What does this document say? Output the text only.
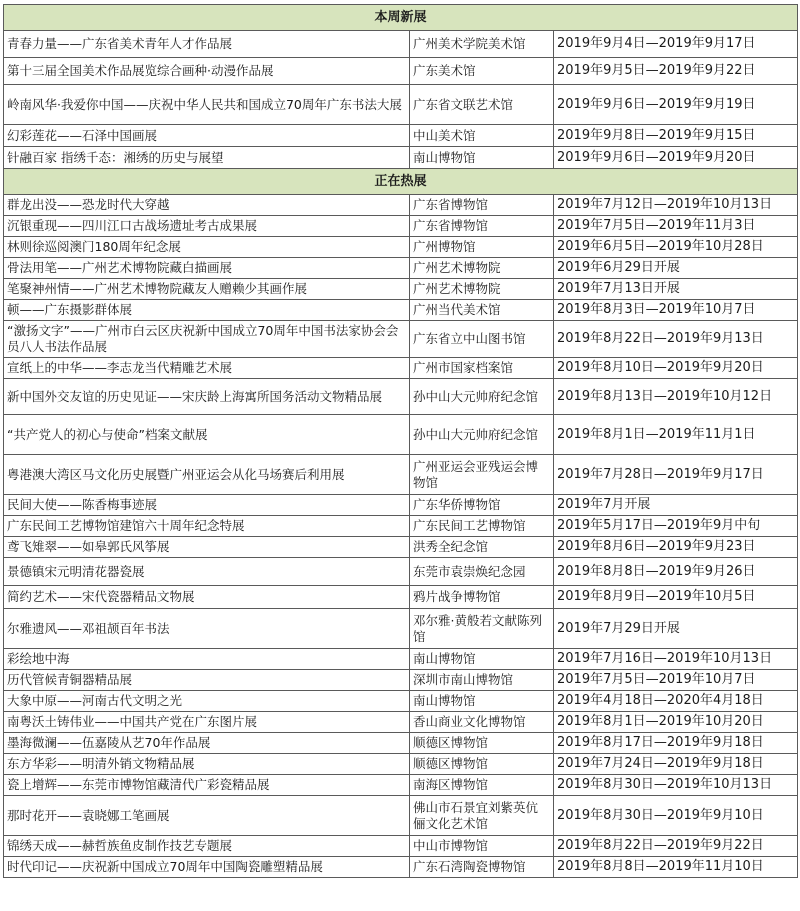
本周新展		
青春力量——广东省美术青年人才作品展	广州美术学院美术馆	2019年9月4日—2019年9月17日
第十三届全国美术作品展览综合画种·动漫作品展	广东美术馆	2019年9月5日—2019年9月22日
岭南风华·我爱你中国——庆祝中华人民共和国成立70周年广东书法大展	广东省文联艺术馆	2019年9月6日—2019年9月19日
幻彩莲花——石泽中国画展	中山美术馆	2019年9月8日—2019年9月15日
针融百家 指绣千态：湘绣的历史与展望	南山博物馆	2019年9月6日—2019年9月20日
正在热展		
群龙出没——恐龙时代大穿越	广东省博物馆	2019年7月12日—2019年10月13日
沉银重现——四川江口古战场遗址考古成果展	广东省博物馆	2019年7月5日—2019年11月3日
林则徐巡阅澳门180周年纪念展	广州博物馆	2019年6月5日—2019年10月28日
骨法用笔——广州艺术博物院藏白描画展	广州艺术博物院	2019年6月29日开展
笔聚神州情——广州艺术博物院藏友人赠赖少其画作展	广州艺术博物院	2019年7月13日开展
顿——广东摄影群体展	广州当代美术馆	2019年8月3日—2019年10月7日
“激扬文字”——广州市白云区庆祝新中国成立70周年中国书法家协会会员八人书法作品展	广东省立中山图书馆	2019年8月22日—2019年9月13日
宣纸上的中华——李志龙当代精雕艺术展	广州市国家档案馆	2019年8月10日—2019年9月20日
新中国外交友谊的历史见证——宋庆龄上海寓所国务活动文物精品展	孙中山大元帅府纪念馆	2019年8月13日—2019年10月12日
“共产党人的初心与使命”档案文献展	孙中山大元帅府纪念馆	2019年8月1日—2019年11月1日
粤港澳大湾区马文化历史展暨广州亚运会从化马场赛后利用展	广州亚运会亚残运会博物馆	2019年7月28日—2019年9月17日
民间大使——陈香梅事迹展	广东华侨博物馆	2019年7月开展
广东民间工艺博物馆建馆六十周年纪念特展	广东民间工艺博物馆	2019年5月17日—2019年9月中旬
鸢飞雉翠——如皋郭氏风筝展	洪秀全纪念馆	2019年8月6日—2019年9月23日
景德镇宋元明清花器瓷展	东莞市袁崇焕纪念园	2019年8月8日—2019年9月26日
简约艺术——宋代瓷器精品文物展	鸦片战争博物馆	2019年8月9日—2019年10月5日
尔雅遗风——邓祖颉百年书法	邓尔雅·黄般若文献陈列馆	2019年7月29日开展
彩绘地中海	南山博物馆	2019年7月16日—2019年10月13日
历代管候青铜器精品展	深圳市南山博物馆	2019年7月5日—2019年10月7日
大象中原——河南古代文明之光	南山博物馆	2019年4月18日—2020年4月18日
南粤沃土铸伟业——中国共产党在广东图片展	香山商业文化博物馆	2019年8月1日—2019年10月20日
墨海微澜——伍嘉陵从艺70年作品展	顺德区博物馆	2019年8月17日—2019年9月18日
东方华彩——明清外销文物精品展	顺德区博物馆	2019年7月24日—2019年9月18日
瓷上增辉——东莞市博物馆藏清代广彩瓷精品展	南海区博物馆	2019年8月30日—2019年10月13日
那时花开——袁晓娜工笔画展	佛山市石景宜刘紫英伉俪文化艺术馆	2019年8月30日—2019年9月10日
锦绣天成——赫哲族鱼皮制作技艺专题展	中山市博物馆	2019年8月22日—2019年9月22日
时代印记——庆祝新中国成立70周年中国陶瓷雕塑精品展	广东石湾陶瓷博物馆	2019年8月8日—2019年11月10日
